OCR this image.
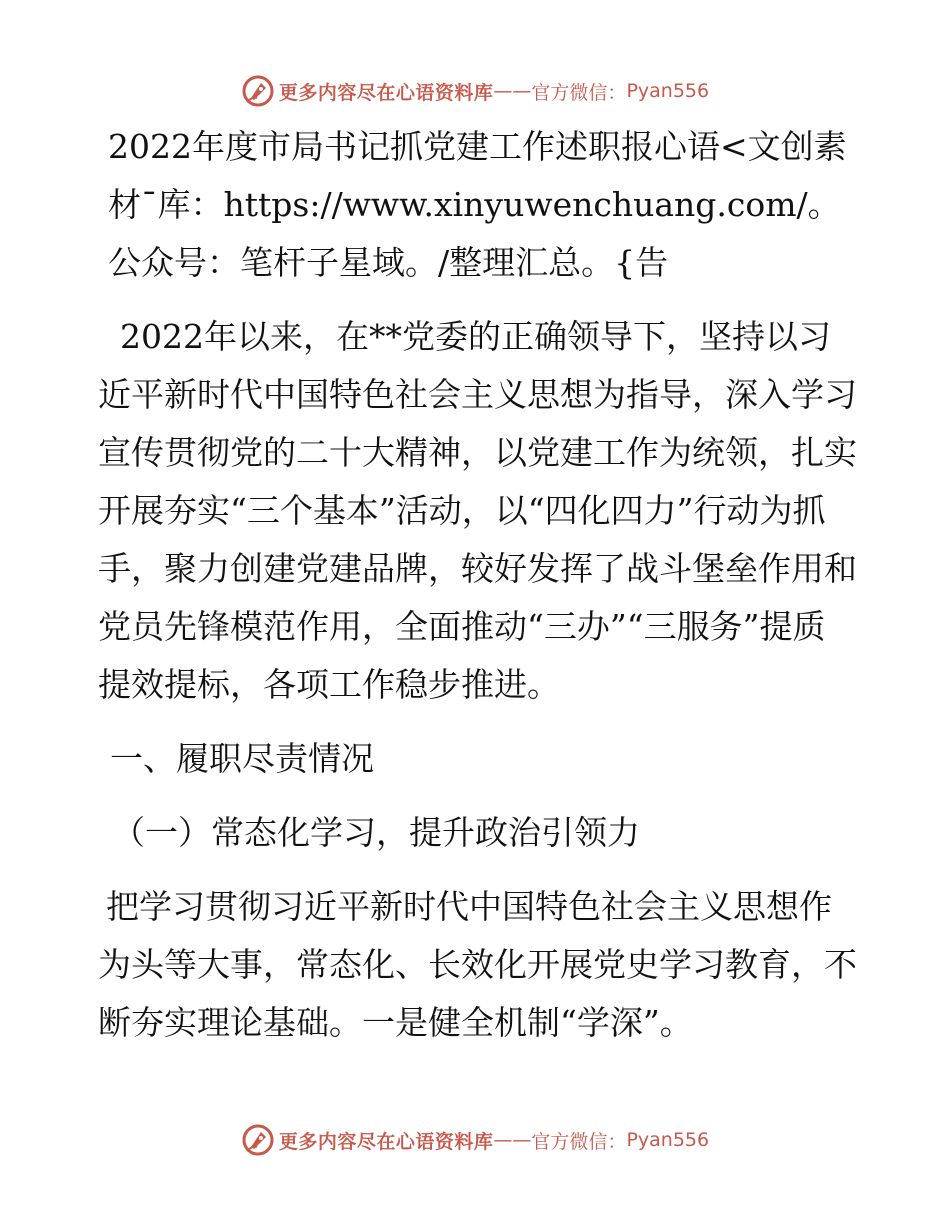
更多内容尽在心语资料库 —— 官方微信： Pyan556

2022年度市局书记抓党建工作述职报心语<文创素材¯库：https://www.xinyuwenchuang.com/。公众号：笔杆子星域。/整理汇总。{告

2022年以来，在**党委的正确领导下，坚持以习近平新时代中国特色社会主义思想为指导，深入学习宣传贯彻党的二十大精神，以党建工作为统领，扎实开展夯实“三个基本”活动，以“四化四力”行动为抓手，聚力创建党建品牌，较好发挥了战斗堡垒作用和党员先锋模范作用，全面推动“三办”“三服务”提质提效提标，各项工作稳步推进。

一、履职尽责情况

（一）常态化学习，提升政治引领力

把学习贯彻习近平新时代中国特色社会主义思想作为头等大事，常态化、长效化开展党史学习教育，不断夯实理论基础。一是健全机制“学深”。

更多内容尽在心语资料库 —— 官方微信： Pyan556
